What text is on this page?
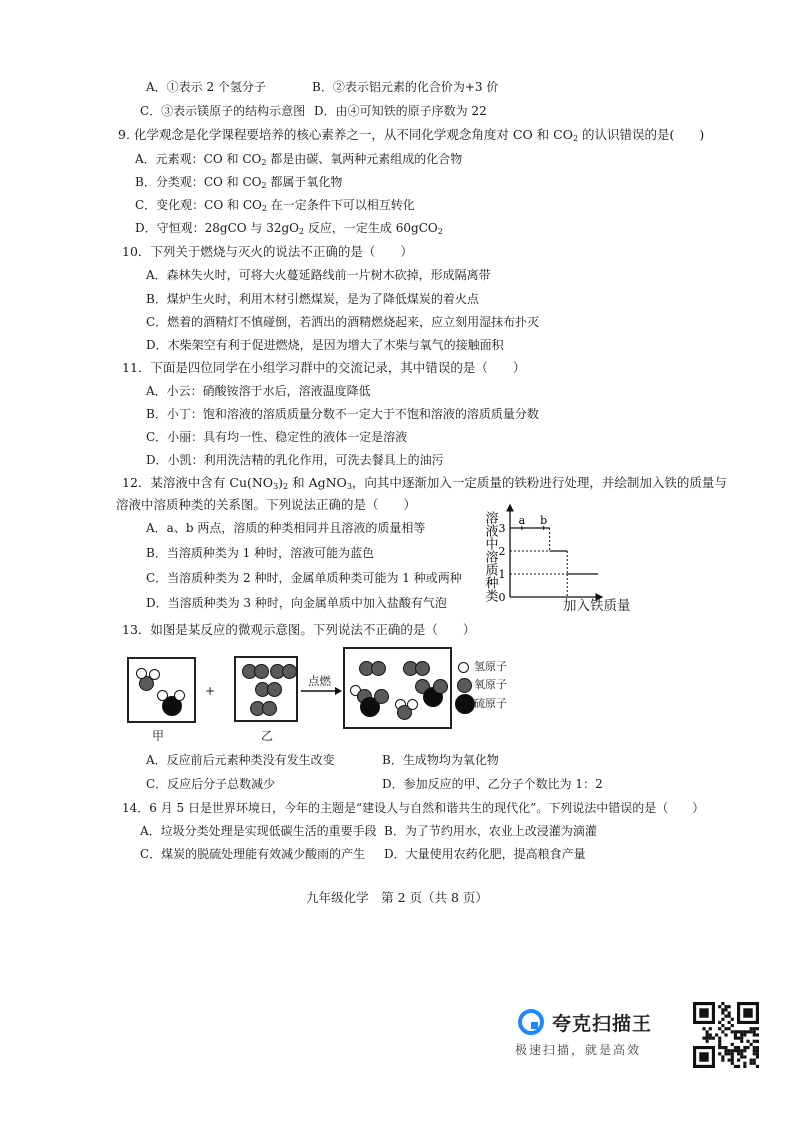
A．①表示 2 个氢分子	B．②表示铝元素的化合价为+3 价
C．③表示镁原子的结构示意图 D．由④可知铁的原子序数为 22
9. 化学观念是化学课程要培养的核心素养之一，从不同化学观念角度对 CO 和 $CO_2$ 的认识错误的是(　　)
A．元素观：CO 和 $CO_2$ 都是由碳、氧两种元素组成的化合物
B．分类观：CO 和 $CO_2$ 都属于氧化物
C．变化观：CO 和 $CO_2$ 在一定条件下可以相互转化
D．守恒观：28gCO 与 $32gO_2$ 反应，一定生成 60gCO$_2$
10．下列关于燃烧与灭火的说法不正确的是（　　）
A．森林失火时，可将大火蔓延路线前一片树木砍掉，形成隔离带
B．煤炉生火时，利用木材引燃煤炭，是为了降低煤炭的着火点
C．燃着的酒精灯不慎碰倒，若洒出的酒精燃烧起来，应立刻用湿抹布扑灭
D．木柴架空有利于促进燃烧，是因为增大了木柴与氧气的接触面积
11．下面是四位同学在小组学习群中的交流记录，其中错误的是（　　）
A．小云：硝酸铵溶于水后，溶液温度降低
B．小丁：饱和溶液的溶质质量分数不一定大于不饱和溶液的溶质质量分数
C．小丽：具有均一性、稳定性的液体一定是溶液
D．小凯：利用洗洁精的乳化作用，可洗去餐具上的油污
12．某溶液中含有 $Cu(NO_3)_2$ 和 AgNO$_3$，向其中逐渐加入一定质量的铁粉进行处理，并绘制加入铁的质量与
溶液中溶质种类的关系图。下列说法正确的是（　　）
A．a、b 两点，溶质的种类相同并且溶液的质量相等
B．当溶质种类为 1 种时，溶液可能为蓝色
C．当溶质种类为 2 种时，金属单质种类可能为 1 种或两种
D．当溶质种类为 3 种时，向金属单质中加入盐酸有气泡
溶液中溶质种类 0
1
2
3
a b
加入铁质量
13．如图是某反应的微观示意图。下列说法不正确的是（　　）
甲
+
乙
点燃
氢原子
氧原子
硫原子
A．反应前后元素种类没有发生改变	B．生成物均为氧化物
C．反应后分子总数减少	D．参加反应的甲、乙分子个数比为 1：2
14．6 月 5 日是世界环境日，今年的主题是“建设人与自然和谐共生的现代化”。下列说法中错误的是（　　）
A．垃圾分类处理是实现低碳生活的重要手段 B．为了节约用水，农业上改浸灌为滴灌
C．煤炭的脱硫处理能有效减少酸雨的产生 D．大量使用农药化肥，提高粮食产量
九年级化学　第 2 页（共 8 页）
夸克扫描王
极速扫描，就是高效
